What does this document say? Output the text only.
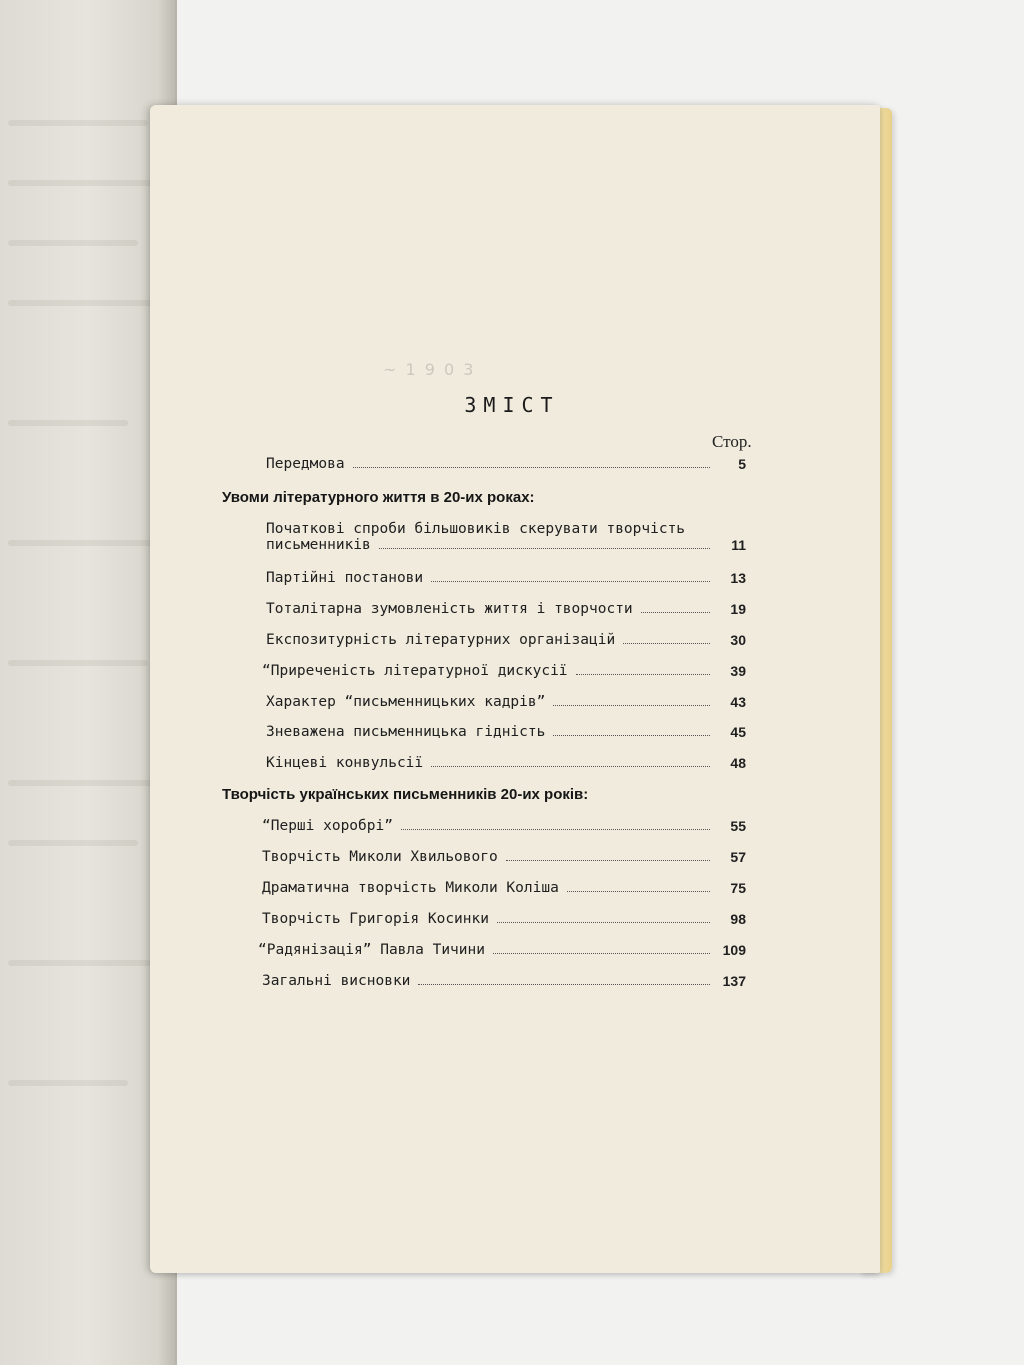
~ 1 9 0 3
ЗМІСТ
Стор.
Передмова	5
Увоми літературного життя в 20-их роках:
Початкові спроби більшовиків скерувати творчість
письменників	11
Партійні постанови	13
Тоталітарна зумовленість життя і творчости	19
Експозитурність літературних організацій	30
“Приреченість літературної дискусії	39
Характер “письменницьких кадрів”	43
Зневажена письменницька гідність	45
Кінцеві конвульсії	48
Творчість українських письменників 20-их років:
“Перші хоробрі”	55
Творчість Миколи Хвильового	57
Драматична творчість Миколи Коліша	75
Творчість Григорія Косинки	98
“Радянізація” Павла Тичини	109
Загальні висновки	137
